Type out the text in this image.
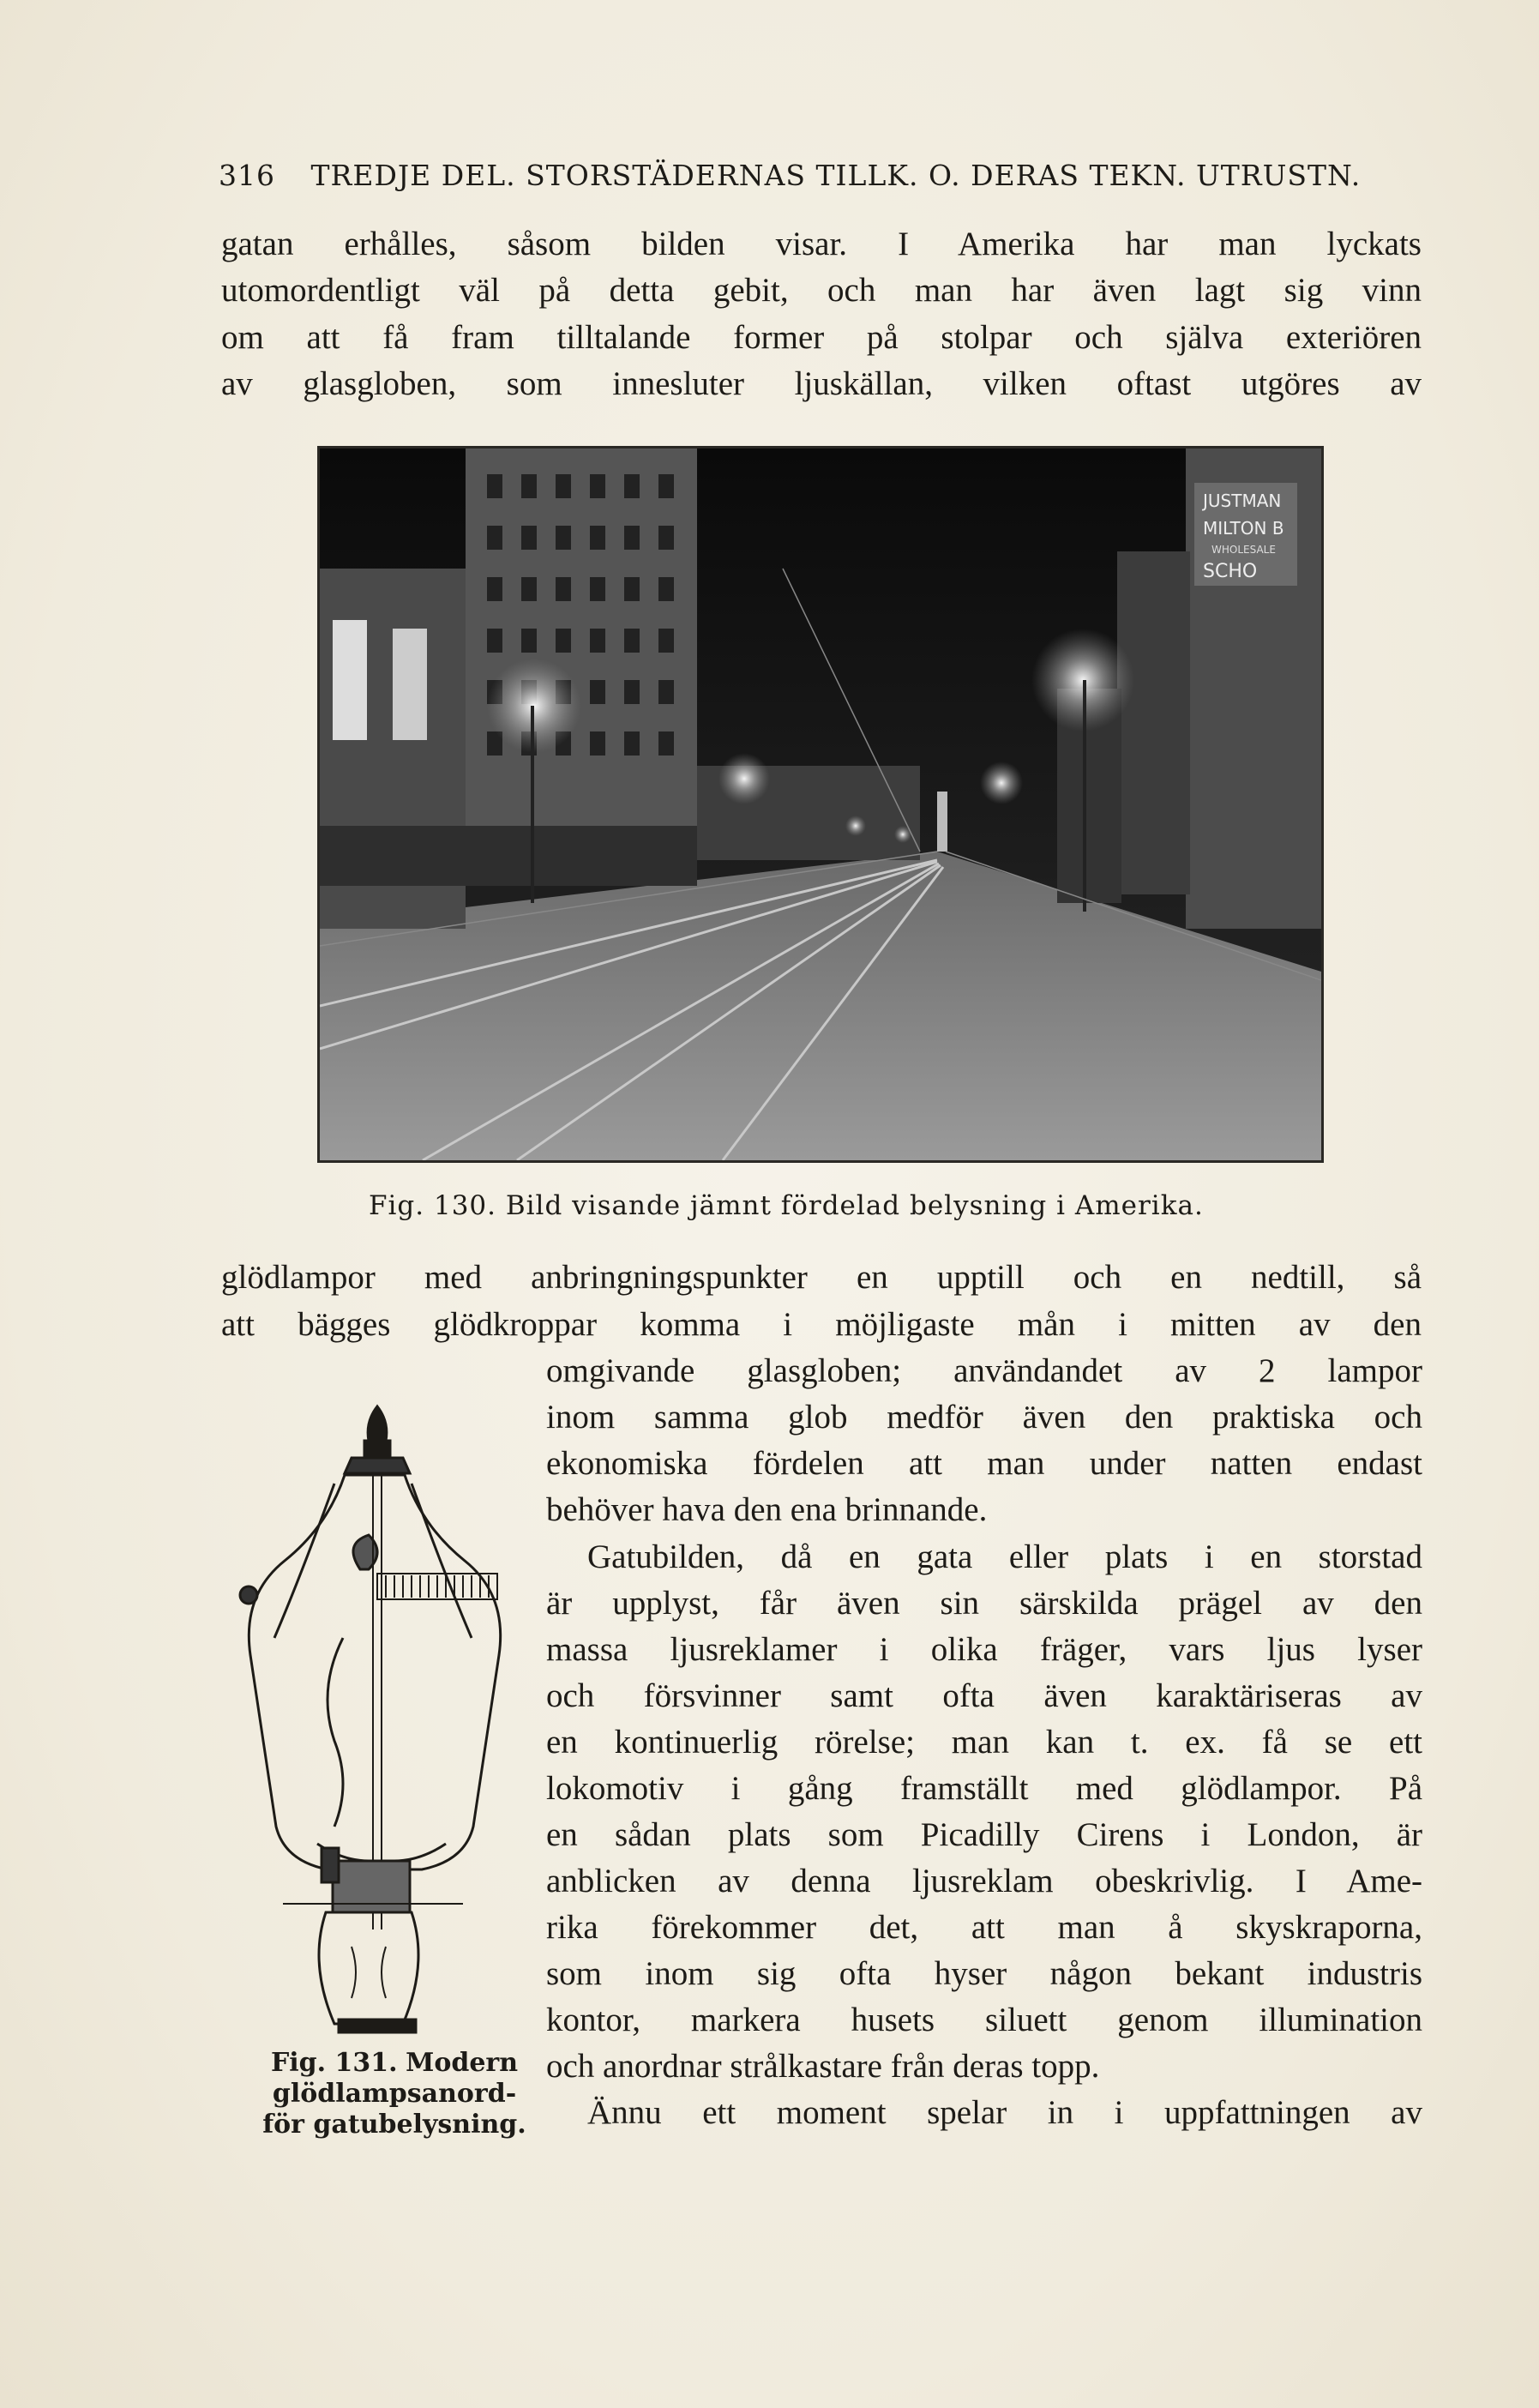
316 TREDJE DEL. STORSTÄDERNAS TILLK. O. DERAS TEKN. UTRUSTN.
gatan erhålles, såsom bilden visar. I Amerika har man lyckats
utomordentligt väl på detta gebit, och man har även lagt sig vinn
om att få fram tilltalande former på stolpar och själva exteriören
av glasgloben, som innesluter ljuskällan, vilken oftast utgöres av
JUSTMAN
MILTON B
WHOLESALE
SCHO
Fig. 130. Bild visande jämnt fördelad belysning i Amerika.
glödlampor med anbringningspunkter en upptill och en nedtill, så
att bägges glödkroppar komma i möjligaste mån i mitten av den
omgivande glasgloben; användandet av 2 lampor
inom samma glob medför även den praktiska och
ekonomiska fördelen att man under natten endast
behöver hava den ena brinnande.
Gatubilden, då en gata eller plats i en storstad
är upplyst, får även sin särskilda prägel av den
massa ljusreklamer i olika fräger, vars ljus lyser
och försvinner samt ofta även karaktäriseras av
en kontinuerlig rörelse; man kan t. ex. få se ett
lokomotiv i gång framställt med glödlampor. På
en sådan plats som Picadilly Cirens i London, är
anblicken av denna ljusreklam obeskrivlig. I Ame-
rika förekommer det, att man å skyskraporna,
som inom sig ofta hyser någon bekant industris
kontor, markera husets siluett genom illumination
och anordnar strålkastare från deras topp.
Ännu ett moment spelar in i uppfattningen av
Fig. 131. Modern
glödlampsanord-
för gatubelysning.
